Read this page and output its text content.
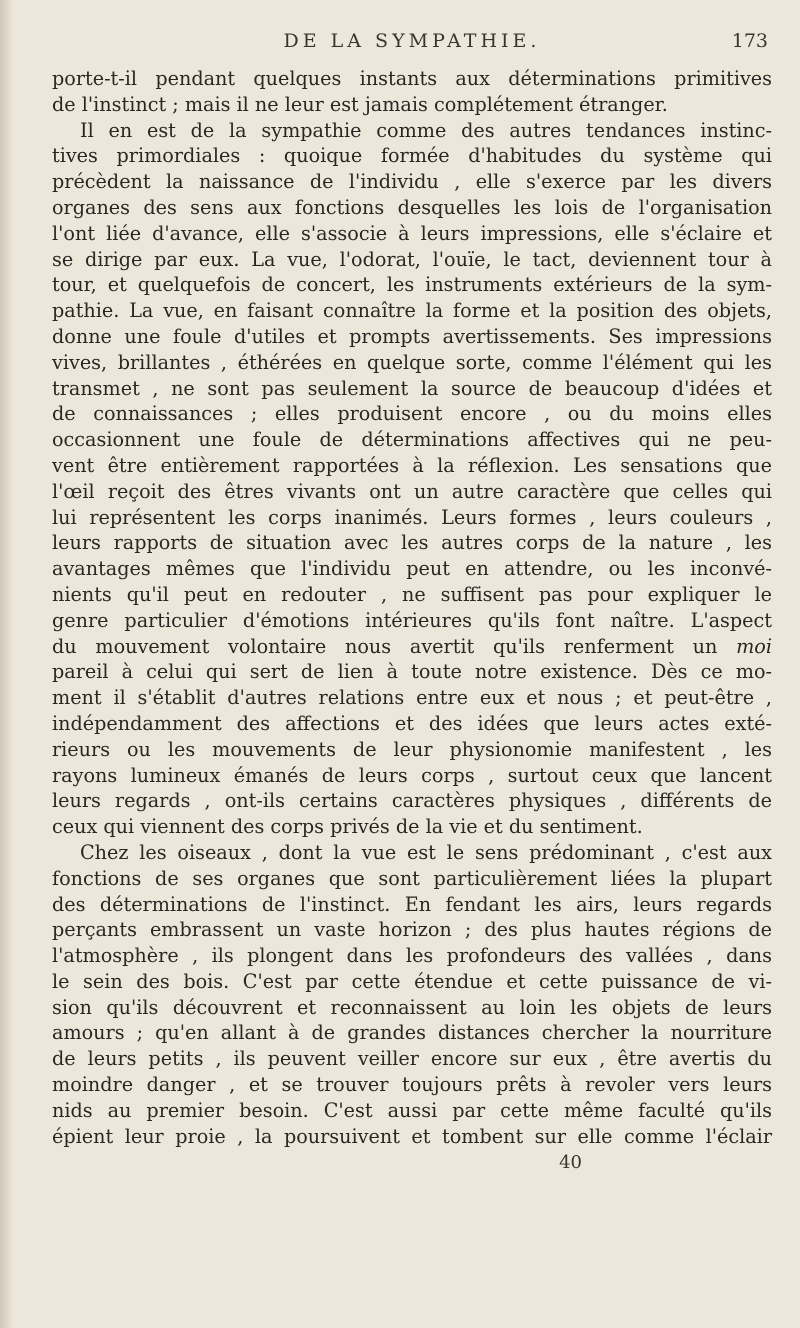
DE LA SYMPATHIE.	173
porte-t-il pendant quelques instants aux déterminations primitives
de l'instinct ; mais il ne leur est jamais complétement étranger.
Il en est de la sympathie comme des autres tendances instinc-
tives primordiales : quoique formée d'habitudes du système qui
précèdent la naissance de l'individu , elle s'exerce par les divers
organes des sens aux fonctions desquelles les lois de l'organisation
l'ont liée d'avance, elle s'associe à leurs impressions, elle s'éclaire et
se dirige par eux. La vue, l'odorat, l'ouïe, le tact, deviennent tour à
tour, et quelquefois de concert, les instruments extérieurs de la sym-
pathie. La vue, en faisant connaître la forme et la position des objets,
donne une foule d'utiles et prompts avertissements. Ses impressions
vives, brillantes , éthérées en quelque sorte, comme l'élément qui les
transmet , ne sont pas seulement la source de beaucoup d'idées et
de connaissances ; elles produisent encore , ou du moins elles
occasionnent une foule de déterminations affectives qui ne peu-
vent être entièrement rapportées à la réflexion. Les sensations que
l'œil reçoit des êtres vivants ont un autre caractère que celles qui
lui représentent les corps inanimés. Leurs formes , leurs couleurs ,
leurs rapports de situation avec les autres corps de la nature , les
avantages mêmes que l'individu peut en attendre, ou les inconvé-
nients qu'il peut en redouter , ne suffisent pas pour expliquer le
genre particulier d'émotions intérieures qu'ils font naître. L'aspect
du mouvement volontaire nous avertit qu'ils renferment un moi
pareil à celui qui sert de lien à toute notre existence. Dès ce mo-
ment il s'établit d'autres relations entre eux et nous ; et peut-être ,
indépendamment des affections et des idées que leurs actes exté-
rieurs ou les mouvements de leur physionomie manifestent , les
rayons lumineux émanés de leurs corps , surtout ceux que lancent
leurs regards , ont-ils certains caractères physiques , différents de
ceux qui viennent des corps privés de la vie et du sentiment.
Chez les oiseaux , dont la vue est le sens prédominant , c'est aux
fonctions de ses organes que sont particulièrement liées la plupart
des déterminations de l'instinct. En fendant les airs, leurs regards
perçants embrassent un vaste horizon ; des plus hautes régions de
l'atmosphère , ils plongent dans les profondeurs des vallées , dans
le sein des bois. C'est par cette étendue et cette puissance de vi-
sion qu'ils découvrent et reconnaissent au loin les objets de leurs
amours ; qu'en allant à de grandes distances chercher la nourriture
de leurs petits , ils peuvent veiller encore sur eux , être avertis du
moindre danger , et se trouver toujours prêts à revoler vers leurs
nids au premier besoin. C'est aussi par cette même faculté qu'ils
épient leur proie , la poursuivent et tombent sur elle comme l'éclair
40
